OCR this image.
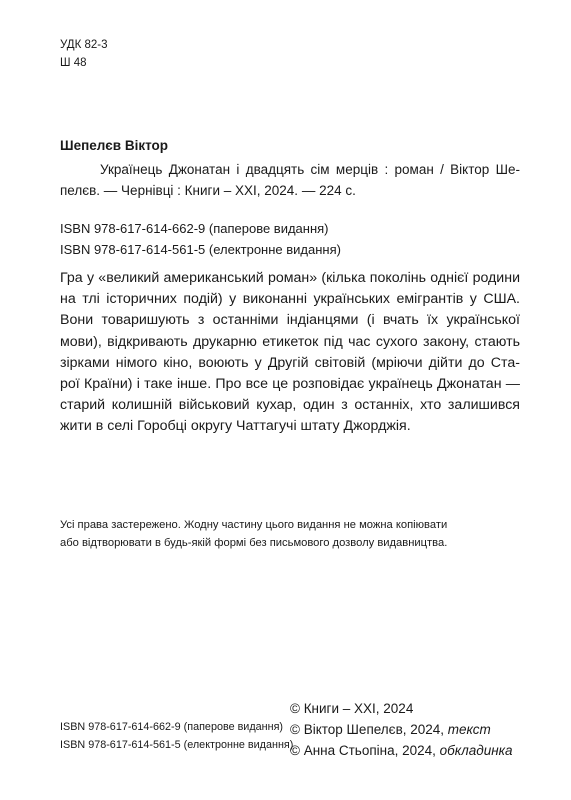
УДК 82-3
Ш 48
Шепелєв Віктор
Українець Джонатан і двадцять сім мерців : роман / Віктор Ше-
пелєв. — Чернівці : Книги – ХХІ, 2024. — 224 с.
ISBN 978-617-614-662-9 (паперове видання)
ISBN 978-617-614-561-5 (електронне видання)
Гра у «великий американський роман» (кілька поколінь однієї родини
на тлі історичних подій) у виконанні українських емігрантів у США.
Вони товаришують з останніми індіанцями (і вчать їх української
мови), відкривають друкарню етикеток під час сухого закону, стають
зірками німого кіно, воюють у Другій світовій (мріючи дійти до Ста-
рої Країни) і таке інше. Про все це розповідає українець Джонатан —
старий колишній військовий кухар, один з останніх, хто залишився
жити в селі Горобці округу Чаттагучі штату Джорджія.
Усі права застережено. Жодну частину цього видання не можна копіювати
або відтворювати в будь-якій формі без письмового дозволу видавництва.
ISBN 978-617-614-662-9 (паперове видання)
ISBN 978-617-614-561-5 (електронне видання)
© Книги – ХХІ, 2024
© Віктор Шепелєв, 2024, текст
© Анна Стьопіна, 2024, обкладинка
